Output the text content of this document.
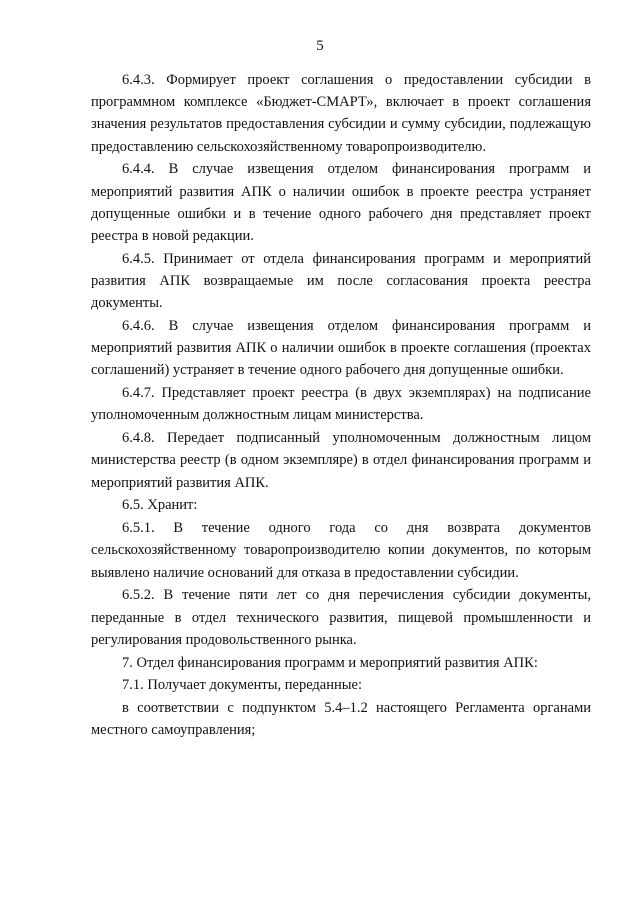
5

6.4.3. Формирует проект соглашения о предоставлении субсидии в программном комплексе «Бюджет-СМАРТ», включает в проект соглашения значения результатов предоставления субсидии и сумму субсидии, подлежащую предоставлению сельскохозяйственному товаропроизводителю.

6.4.4. В случае извещения отделом финансирования программ и мероприятий развития АПК о наличии ошибок в проекте реестра устраняет допущенные ошибки и в течение одного рабочего дня представляет проект реестра в новой редакции.

6.4.5. Принимает от отдела финансирования программ и мероприятий развития АПК возвращаемые им после согласования проекта реестра документы.

6.4.6. В случае извещения отделом финансирования программ и мероприятий развития АПК о наличии ошибок в проекте соглашения (проектах соглашений) устраняет в течение одного рабочего дня допущенные ошибки.

6.4.7. Представляет проект реестра (в двух экземплярах) на подписание уполномоченным должностным лицам министерства.

6.4.8. Передает подписанный уполномоченным должностным лицом министерства реестр (в одном экземпляре) в отдел финансирования программ и мероприятий развития АПК.

6.5. Хранит:

6.5.1. В течение одного года со дня возврата документов сельскохозяйственному товаропроизводителю копии документов, по которым выявлено наличие оснований для отказа в предоставлении субсидии.

6.5.2. В течение пяти лет со дня перечисления субсидии документы, переданные в отдел технического развития, пищевой промышленности и регулирования продовольственного рынка.

7. Отдел финансирования программ и мероприятий развития АПК:

7.1. Получает документы, переданные:

в соответствии с подпунктом 5.4–1.2 настоящего Регламента органами местного самоуправления;
